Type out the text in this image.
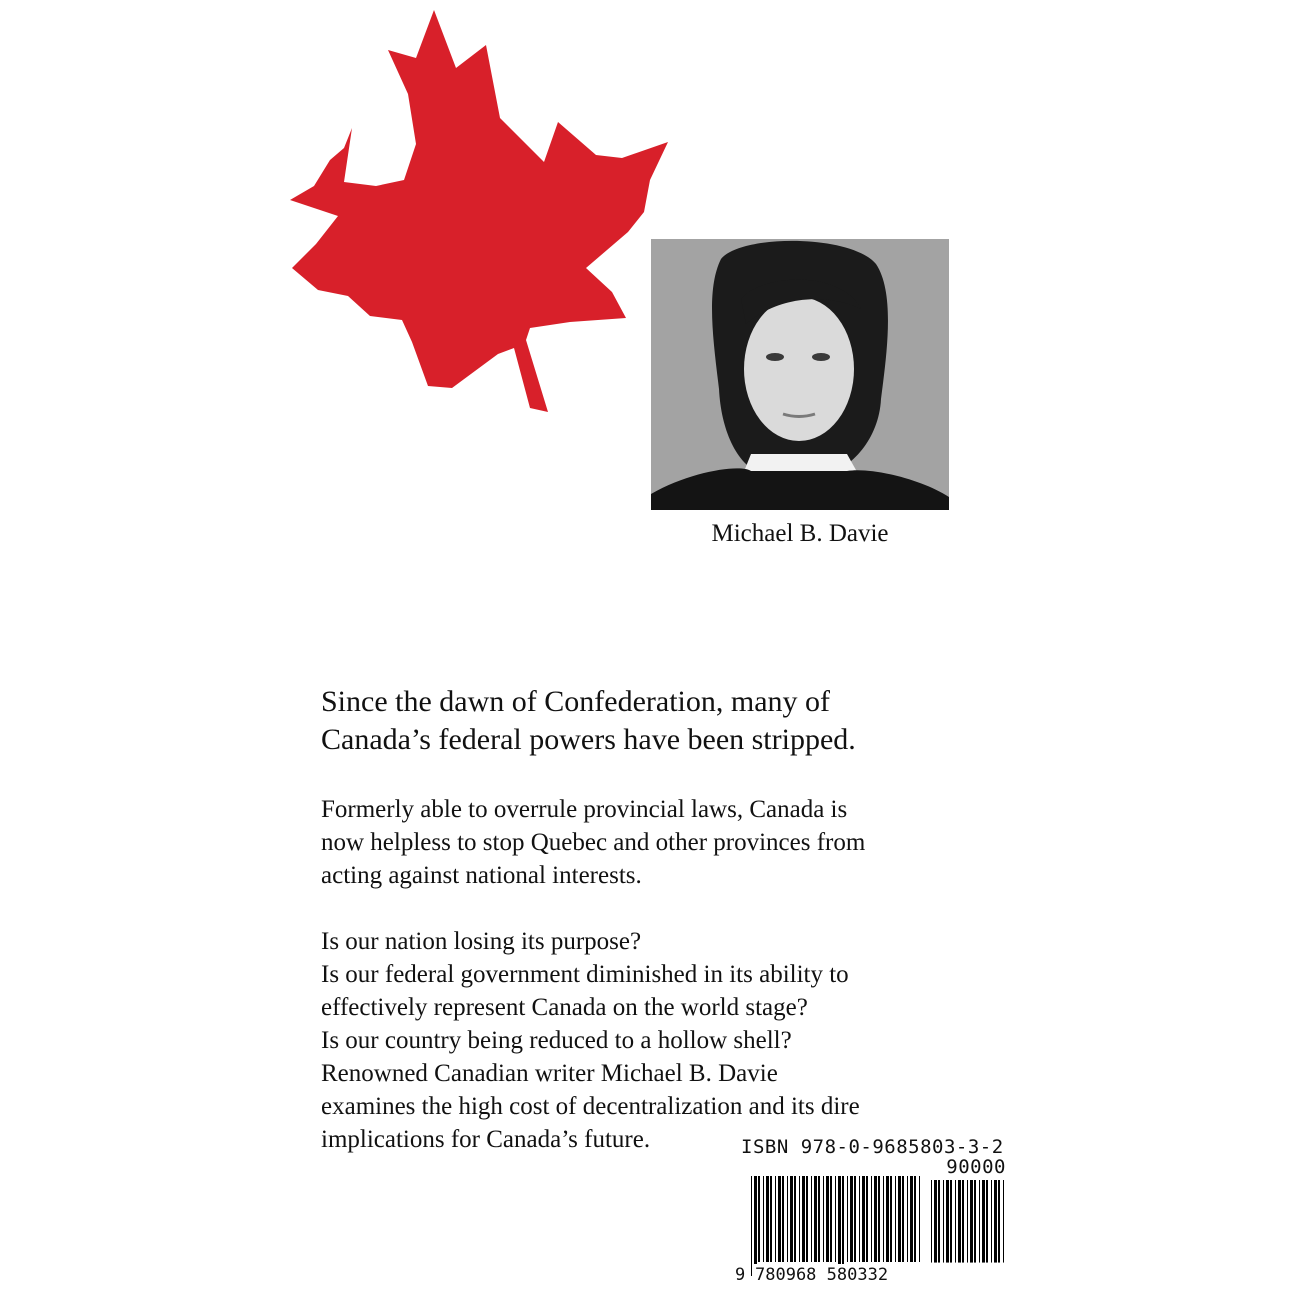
Michael B. Davie
Since the dawn of Confederation, many of
Canada’s federal powers have been stripped.
Formerly able to overrule provincial laws, Canada is
now helpless to stop Quebec and other provinces from
acting against national interests.
Is our nation losing its purpose?
Is our federal government diminished in its ability to
effectively represent Canada on the world stage?
Is our country being reduced to a hollow shell?
Renowned Canadian writer Michael B. Davie
examines the high cost of decentralization and its dire
implications for Canada’s future.	ISBN 978-0-9685803-3-2
90000
9 780968 580332
